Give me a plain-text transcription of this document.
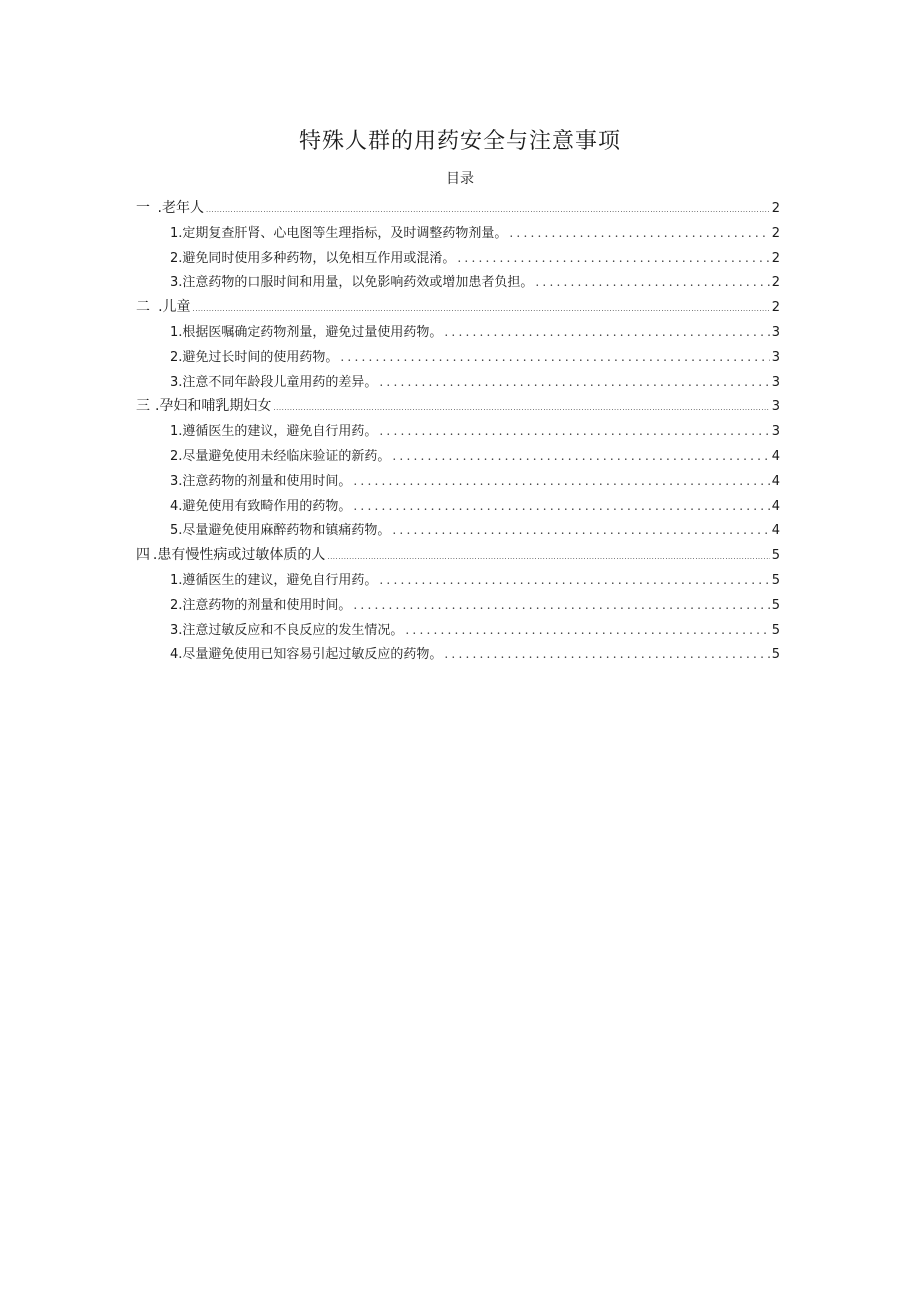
特殊人群的用药安全与注意事项
目录
一 .老年人 .....	2
1 .定期复查肝肾、心电图等生理指标，及时调整药物剂量。 .....	2
2 .避免同时使用多种药物，以免相互作用或混淆。 .....	2
3 .注意药物的口服时间和用量，以免影响药效或增加患者负担。 .....	2
二 .儿童 .....	2
1 .根据医嘱确定药物剂量，避免过量使用药物。 .....	3
2 .避免过长时间的使用药物。 .....	3
3 .注意不同年龄段儿童用药的差异。 .....	3
三 .孕妇和哺乳期妇女 .....	3
1 .遵循医生的建议，避免自行用药。 .....	3
2 .尽量避免使用未经临床验证的新药。 .....	4
3 .注意药物的剂量和使用时间。 .....	4
4 .避免使用有致畸作用的药物。 .....	4
5 .尽量避免使用麻醉药物和镇痛药物。 .....	4
四 .患有慢性病或过敏体质的人 .....	5
1 .遵循医生的建议，避免自行用药。 .....	5
2 .注意药物的剂量和使用时间。 .....	5
3 .注意过敏反应和不良反应的发生情况。 .....	5
4 .尽量避免使用已知容易引起过敏反应的药物。 .....	5
